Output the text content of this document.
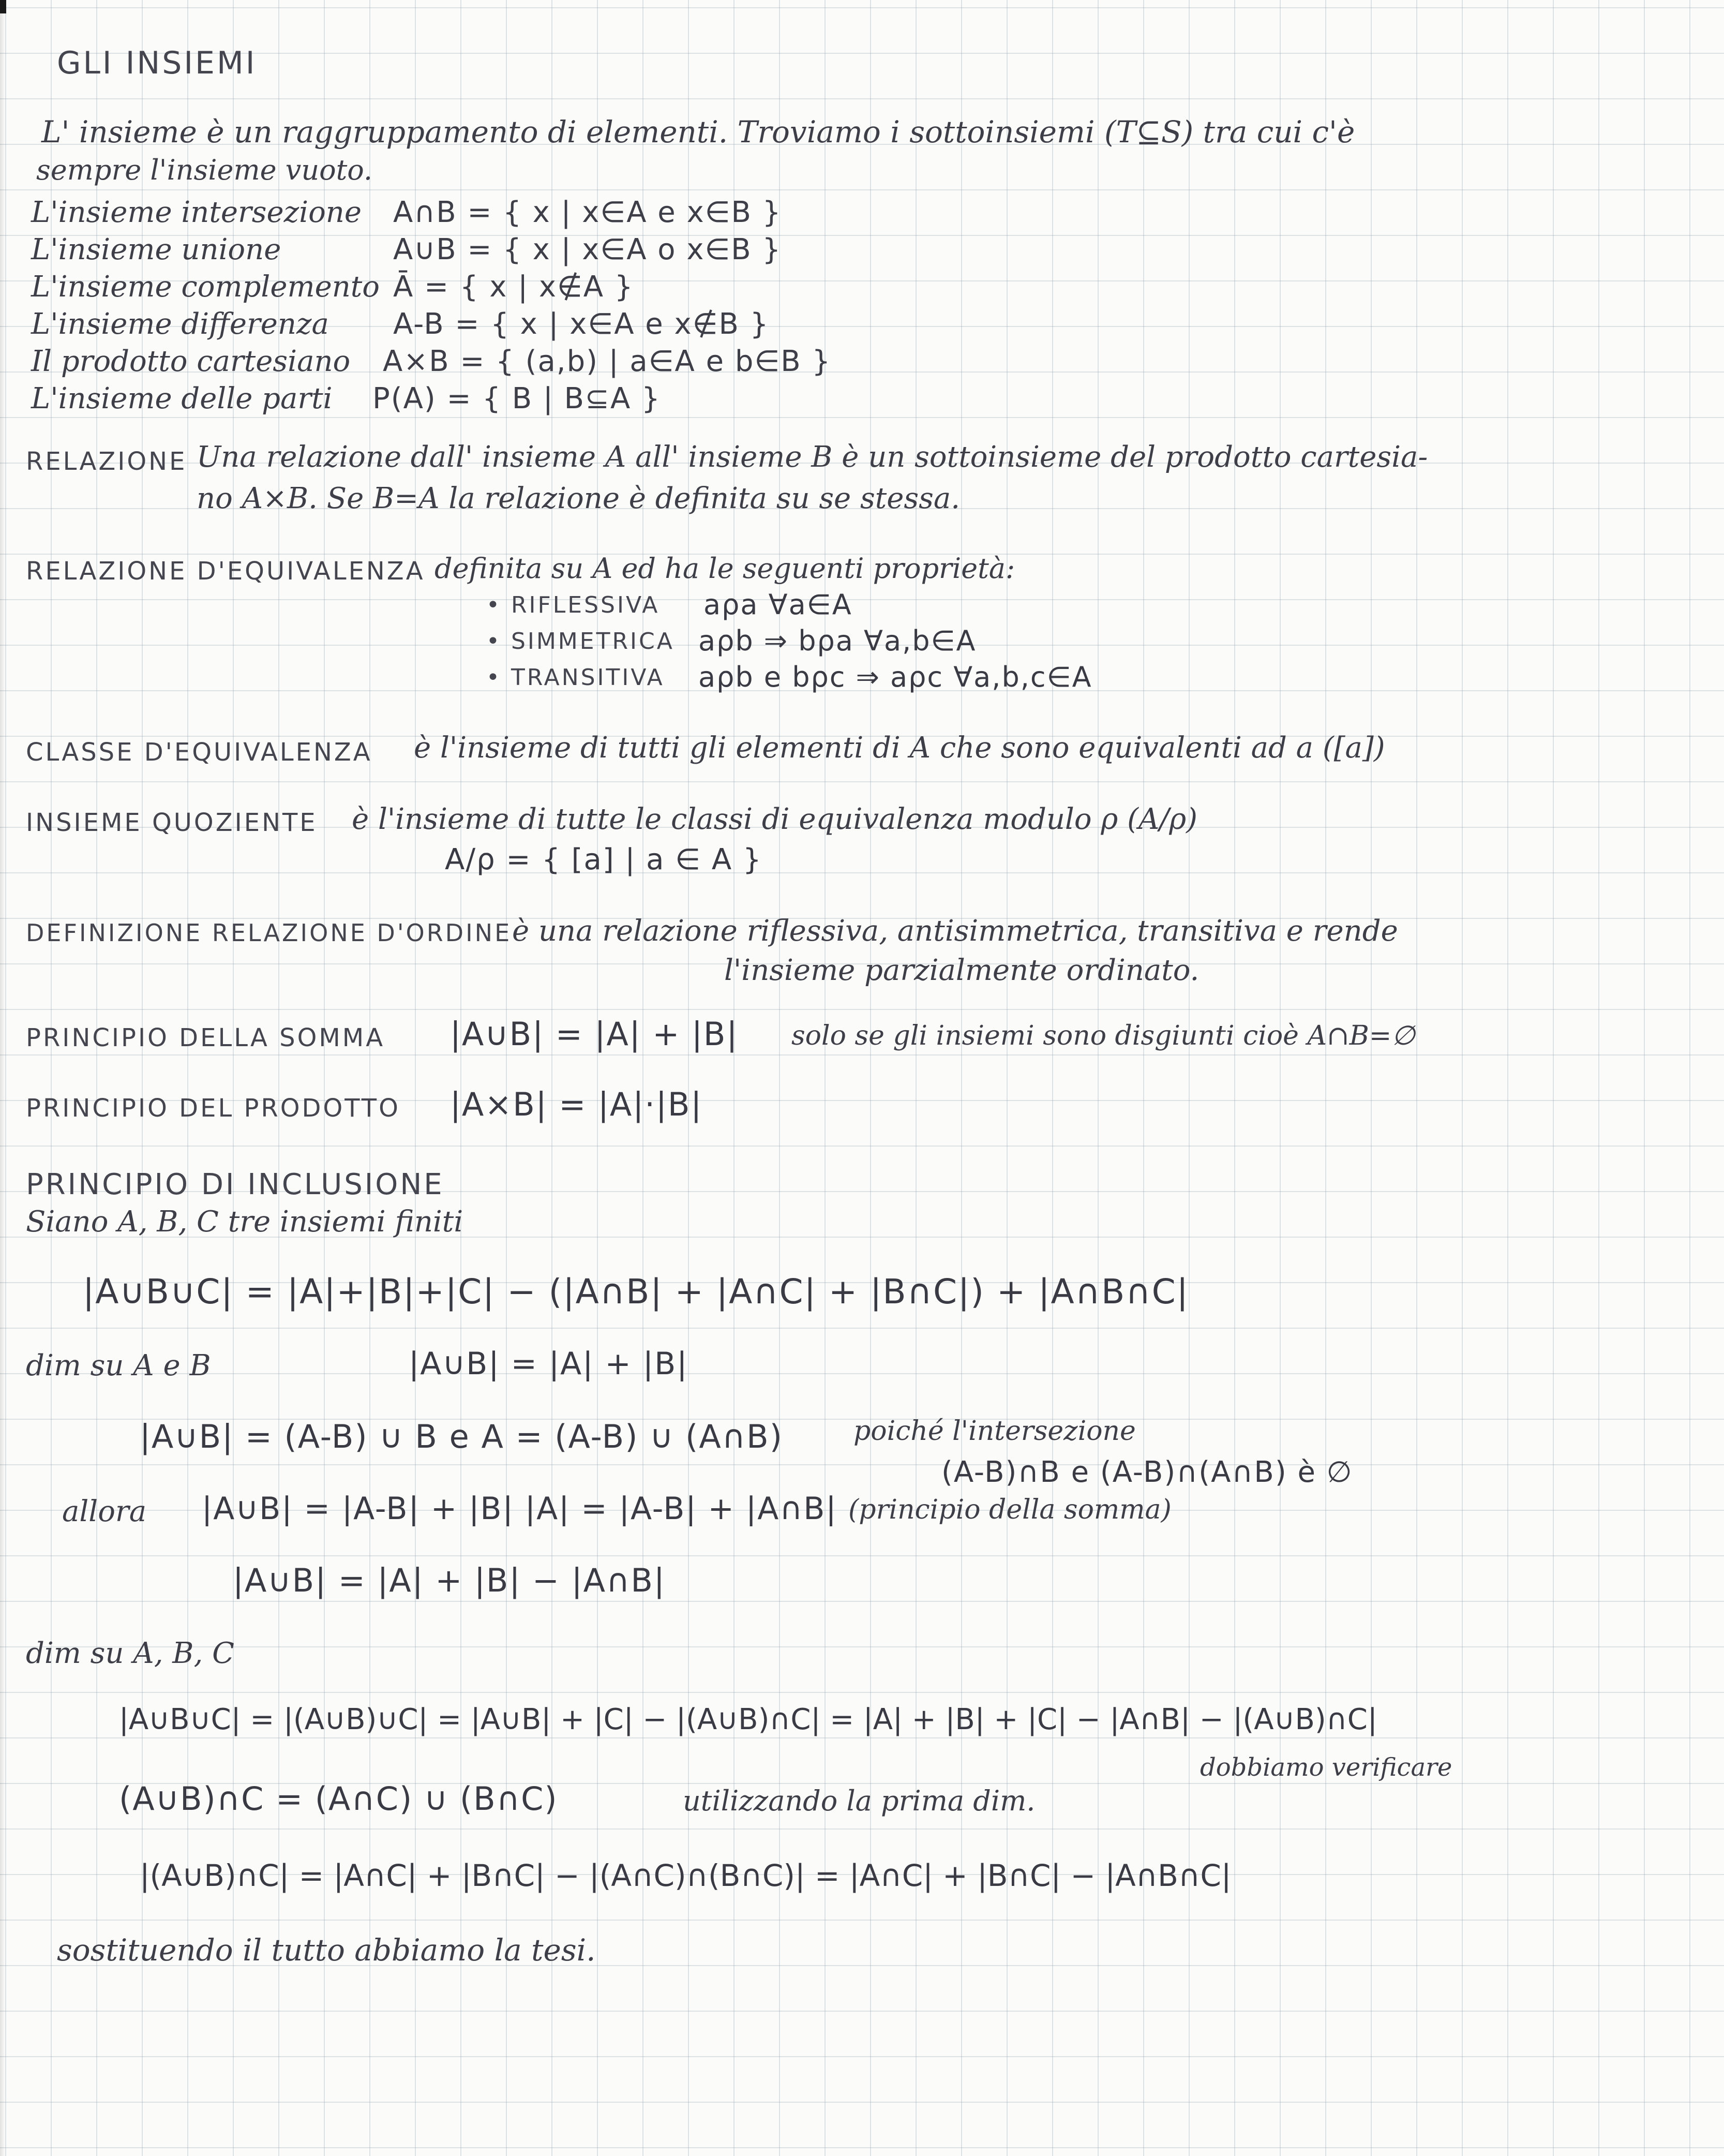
GLI INSIEMI
L' insieme è un raggruppamento di elementi. Troviamo i sottoinsiemi (T⊆S) tra cui c'è
sempre l'insieme vuoto.
L'insieme intersezione A∩B = { x | x∈A e x∈B }
L'insieme unione	A∪B = { x | x∈A o x∈B }
L'insieme complemento Ā = { x | x∉A }
L'insieme differenza A-B = { x | x∈A e x∉B }
Il prodotto cartesiano A×B = { (a,b) | a∈A e b∈B }
L'insieme delle parti P(A) = { B | B⊆A }
RELAZIONE Una relazione dall' insieme A all' insieme B è un sottoinsieme del prodotto cartesia-
no A×B. Se B=A la relazione è definita su se stessa.
RELAZIONE D'EQUIVALENZA definita su A ed ha le seguenti proprietà:
• RIFLESSIVA aρa ∀a∈A
• SIMMETRICA aρb ⇒ bρa ∀a,b∈A
• TRANSITIVA aρb e bρc ⇒ aρc ∀a,b,c∈A
CLASSE D'EQUIVALENZA è l'insieme di tutti gli elementi di A che sono equivalenti ad a ([a])
INSIEME QUOZIENTE è l'insieme di tutte le classi di equivalenza modulo ρ (A/ρ)
A/ρ = { [a] | a ∈ A }
DEFINIZIONE RELAZIONE D'ORDINE è una relazione riflessiva, antisimmetrica, transitiva e rende
l'insieme parzialmente ordinato.
PRINCIPIO DELLA SOMMA |A∪B| = |A| + |B| solo se gli insiemi sono disgiunti cioè A∩B=∅
PRINCIPIO DEL PRODOTTO |A×B| = |A|·|B|
PRINCIPIO DI INCLUSIONE
Siano A, B, C tre insiemi finiti
|A∪B∪C| = |A|+|B|+|C| − (|A∩B| + |A∩C| + |B∩C|) + |A∩B∩C|
dim su A e B	|A∪B| = |A| + |B|
|A∪B| = (A-B) ∪ B e A = (A-B) ∪ (A∩B)	poiché l'intersezione
(A-B)∩B e (A-B)∩(A∩B) è ∅
allora |A∪B| = |A-B| + |B| |A| = |A-B| + |A∩B| (principio della somma)
|A∪B| = |A| + |B| − |A∩B|
dim su A, B, C
|A∪B∪C| = |(A∪B)∪C| = |A∪B| + |C| − |(A∪B)∩C| = |A| + |B| + |C| − |A∩B| − |(A∪B)∩C|
dobbiamo verificare
(A∪B)∩C = (A∩C) ∪ (B∩C)	utilizzando la prima dim.
|(A∪B)∩C| = |A∩C| + |B∩C| − |(A∩C)∩(B∩C)| = |A∩C| + |B∩C| − |A∩B∩C|
sostituendo il tutto abbiamo la tesi.
